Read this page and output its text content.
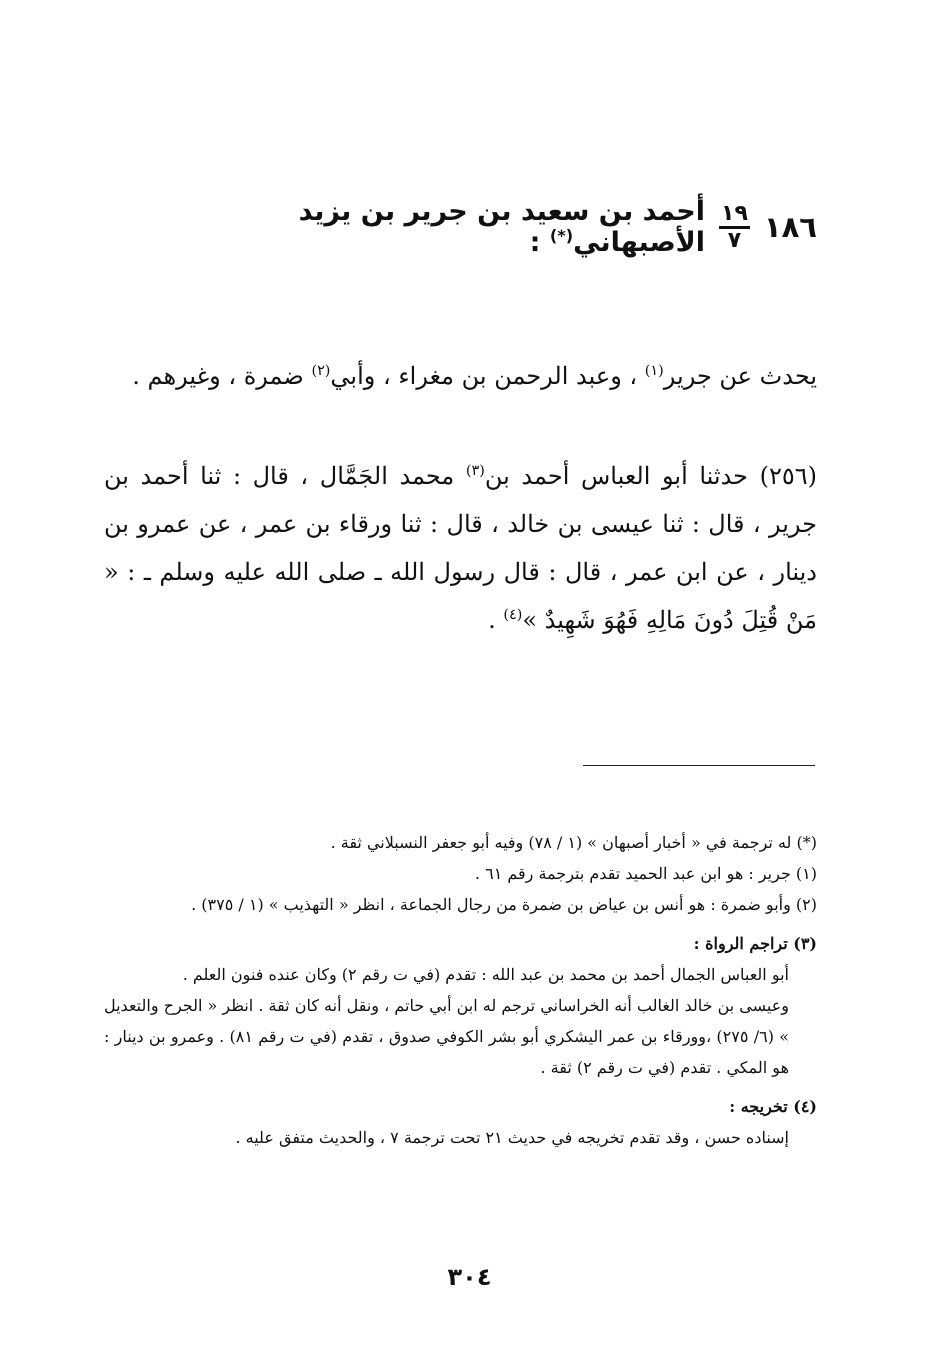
١٨٦
$\frac{١٩}{٧}$
أحمد بن سعيد بن جرير بن يزيد الأصبهاني(*) :

يحدث عن جرير$^{(١)}$ ، وعبد الرحمن بن مغراء ، وأبي$^{(٢)}$ ضمرة ، وغيرهم .

(٢٥٦) حدثنا أبو العباس أحمد بن$^{(٣)}$ محمد الجَمَّال ، قال : ثنا أحمد بن جرير ، قال : ثنا عيسى بن خالد ، قال : ثنا ورقاء بن عمر ، عن عمرو بن دينار ، عن ابن عمر ، قال : قال رسول الله ـ صلى الله عليه وسلم ـ : « مَنْ قُتِلَ دُونَ مَالِهِ فَهُوَ شَهِيدٌ »$^{(٤)}$ .

(*) له ترجمة في « أخبار أصبهان » (١ / ٧٨) وفيه أبو جعفر النسبلاني ثقة .

(١) جرير : هو ابن عبد الحميد تقدم بترجمة رقم ٦١ .

(٢) وأبو ضمرة : هو أنس بن عياض بن ضمرة من رجال الجماعة ، انظر « التهذيب » (١ / ٣٧٥) .

(٣) تراجم الرواة :

أبو العباس الجمال أحمد بن محمد بن عبد الله : تقدم (في ت رقم ٢) وكان عنده فنون العلم .

وعيسى بن خالد الغالب أنه الخراساني ترجم له ابن أبي حاتم ، ونقل أنه كان ثقة . انظر « الجرح والتعديل » (٦/ ٢٧٥) ،وورقاء بن عمر اليشكري أبو بشر الكوفي صدوق ، تقدم (في ت رقم ٨١) . وعمرو بن دينار : هو المكي . تقدم (في ت رقم ٢) ثقة .

(٤) تخريجه :

إسناده حسن ، وقد تقدم تخريجه في حديث ٢١ تحت ترجمة ٧ ، والحديث متفق عليه .

٣٠٤
